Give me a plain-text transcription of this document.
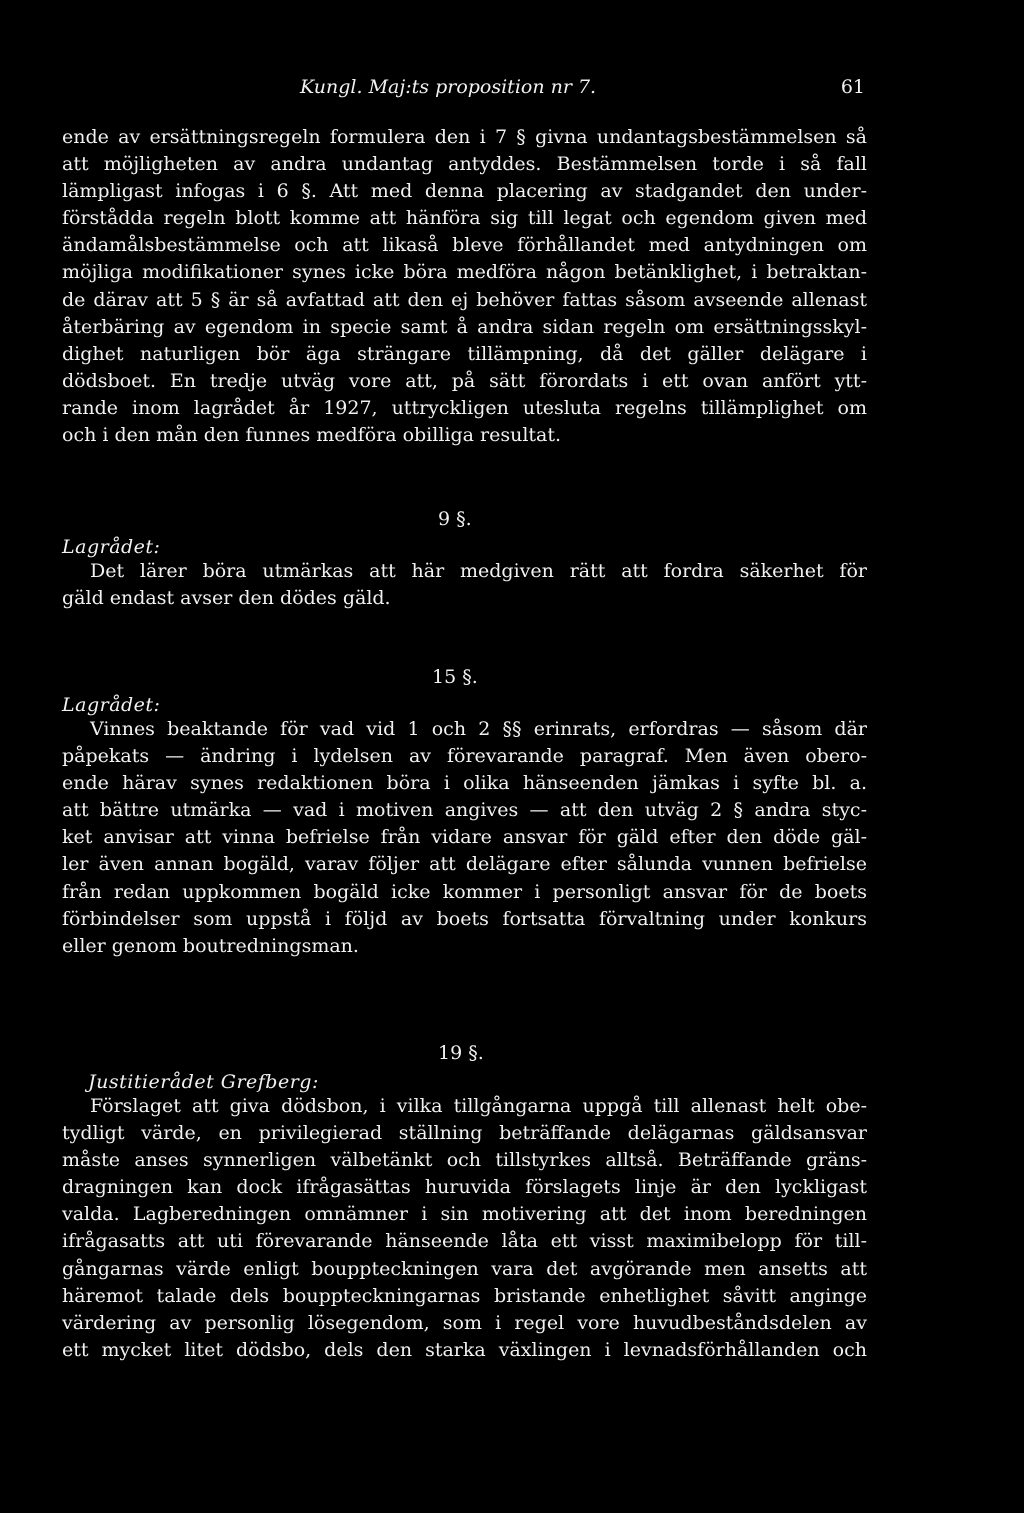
Kungl. Maj:ts proposition nr 7.	61
ende av ersättningsregeln formulera den i 7 § givna undantagsbestämmelsen så
att möjligheten av andra undantag antyddes. Bestämmelsen torde i så fall
lämpligast infogas i 6 §. Att med denna placering av stadgandet den under-
förstådda regeln blott komme att hänföra sig till legat och egendom given med
ändamålsbestämmelse och att likaså bleve förhållandet med antydningen om
möjliga modifikationer synes icke böra medföra någon betänklighet, i betraktan-
de därav att 5 § är så avfattad att den ej behöver fattas såsom avseende allenast
återbäring av egendom in specie samt å andra sidan regeln om ersättningsskyl-
dighet naturligen bör äga strängare tillämpning, då det gäller delägare i
dödsboet. En tredje utväg vore att, på sätt förordats i ett ovan anfört ytt-
rande inom lagrådet år 1927, uttryckligen utesluta regelns tillämplighet om
och i den mån den funnes medföra obilliga resultat.
9 §.
Lagrådet:
Det lärer böra utmärkas att här medgiven rätt att fordra säkerhet för
gäld endast avser den dödes gäld.
15 §.
Lagrådet:
Vinnes beaktande för vad vid 1 och 2 §§ erinrats, erfordras — såsom där
påpekats — ändring i lydelsen av förevarande paragraf. Men även obero-
ende härav synes redaktionen böra i olika hänseenden jämkas i syfte bl. a.
att bättre utmärka — vad i motiven angives — att den utväg 2 § andra styc-
ket anvisar att vinna befrielse från vidare ansvar för gäld efter den döde gäl-
ler även annan bogäld, varav följer att delägare efter sålunda vunnen befrielse
från redan uppkommen bogäld icke kommer i personligt ansvar för de boets
förbindelser som uppstå i följd av boets fortsatta förvaltning under konkurs
eller genom boutredningsman.
19 §.
Justitierådet Grefberg:
Förslaget att giva dödsbon, i vilka tillgångarna uppgå till allenast helt obe-
tydligt värde, en privilegierad ställning beträffande delägarnas gäldsansvar
måste anses synnerligen välbetänkt och tillstyrkes alltså. Beträffande gräns-
dragningen kan dock ifrågasättas huruvida förslagets linje är den lyckligast
valda. Lagberedningen omnämner i sin motivering att det inom beredningen
ifrågasatts att uti förevarande hänseende låta ett visst maximibelopp för till-
gångarnas värde enligt bouppteckningen vara det avgörande men ansetts att
häremot talade dels bouppteckningarnas bristande enhetlighet såvitt anginge
värdering av personlig lösegendom, som i regel vore huvudbeståndsdelen av
ett mycket litet dödsbo, dels den starka växlingen i levnadsförhållanden och
